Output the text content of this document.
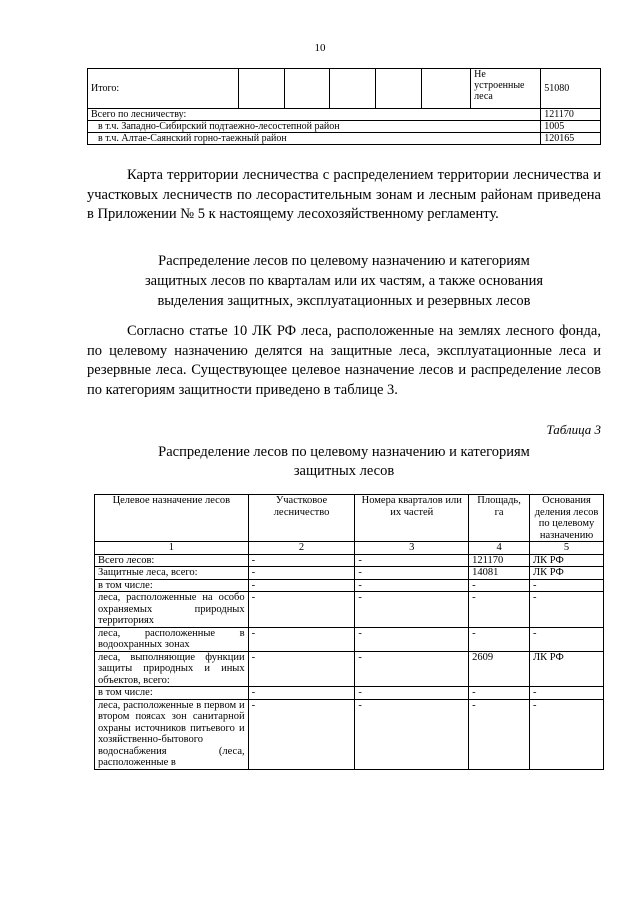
10
Итого:						Не
устроенные
леса	51080
Всего по лесничеству:							121170
в т.ч. Западно-Сибирский подтаежно-лесостепной район							1005
в т.ч. Алтае-Саянский горно-таежный район							120165
Карта территории лесничества с распределением территории лесничества и участковых лесничеств по лесорастительным зонам и лесным районам приведена в Приложении № 5 к настоящему лесохозяйственному регламенту.
Распределение лесов по целевому назначению и категориям
защитных лесов по кварталам или их частям, а также основания
выделения защитных, эксплуатационных и резервных лесов
Согласно статье 10 ЛК РФ леса, расположенные на землях лесного фонда, по целевому назначению делятся на защитные леса, эксплуатационные леса и резервные леса. Существующее целевое назначение лесов и распределение лесов по категориям защитности приведено в таблице 3.
Таблица 3
Распределение лесов по целевому назначению и категориям
защитных лесов
Целевое назначение лесов	Участковое лесничество	Номера кварталов или их частей	Площадь, га	Основания деления лесов по целевому назначению
1	2	3	4	5
Всего лесов:	-	-	121170	ЛК РФ
Защитные леса, всего:	-	-	14081	ЛК РФ
в том числе:	-	-	-	-
леса, расположенные на особо охраняемых природных территориях	-	-	-	-
леса, расположенные в водоохранных зонах	-	-	-	-
леса, выполняющие функции защиты природных и иных объектов, всего:	-	-	2609	ЛК РФ
в том числе:	-	-	-	-
леса, расположенные в первом и втором поясах зон санитарной охраны источников питьевого и хозяйственно-бытового водоснабжения (леса, расположенные в	-	-	-	-
